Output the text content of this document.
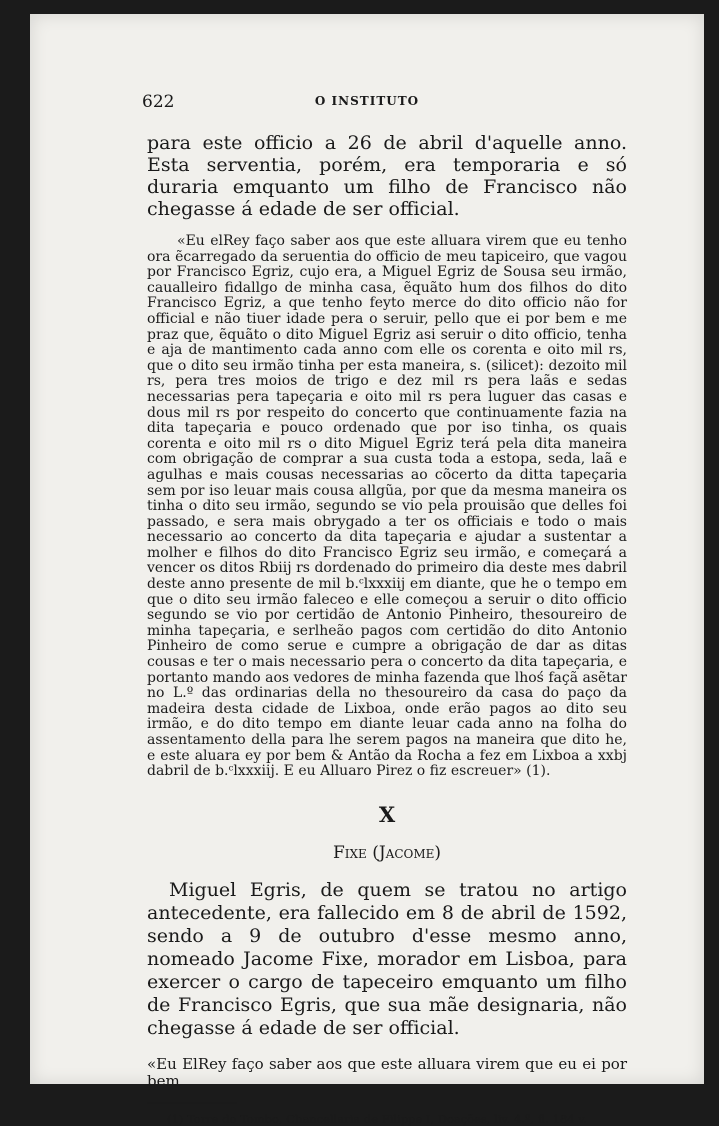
622	O INSTITUTO

para este officio a 26 de abril d'aquelle anno. Esta serventia, porém, era temporaria e só duraria emquanto um filho de Francisco não chegasse á edade de ser official.

«Eu elRey faço saber aos que este alluara virem que eu tenho ora ẽcarregado da seruentia do officio de meu tapiceiro, que vagou por Francisco Egriz, cujo era, a Miguel Egriz de Sousa seu irmão, caualleiro fidallgo de minha casa, ẽquãto hum dos filhos do dito Francisco Egriz, a que tenho feyto merce do dito officio não for official e não tiuer idade pera o seruir, pello que ei por bem e me praz que, ẽquãto o dito Miguel Egriz asi seruir o dito officio, tenha e aja de mantimento cada anno com elle os corenta e oito mil rs, que o dito seu irmão tinha per esta maneira, s. (silicet): dezoito mil rs, pera tres moios de trigo e dez mil rs pera laãs e sedas necessarias pera tapeçaria e oito mil rs pera luguer das casas e dous mil rs por respeito do concerto que continuamente fazia na dita tapeçaria e pouco ordenado que por iso tinha, os quais corenta e oito mil rs o dito Miguel Egriz terá pela dita maneira com obrigação de comprar a sua custa toda a estopa, seda, laã e agulhas e mais cousas necessarias ao cõcerto da ditta tapeçaria sem por iso leuar mais cousa allgũa, por que da mesma maneira os tinha o dito seu irmão, segundo se vio pela prouisão que delles foi passado, e sera mais obrygado a ter os officiais e todo o mais necessario ao concerto da dita tapeçaria e ajudar a sustentar a molher e filhos do dito Francisco Egriz seu irmão, e começará a vencer os ditos Rbiij rs dordenado do primeiro dia deste mes dabril deste anno presente de mil b.ᶜlxxxiij em diante, que he o tempo em que o dito seu irmão faleceo e elle começou a seruir o dito officio segundo se vio por certidão de Antonio Pinheiro, thesoureiro de minha tapeçaria, e serlheão pagos com certidão do dito Antonio Pinheiro de como serue e cumpre a obrigação de dar as ditas cousas e ter o mais necessario pera o concerto da dita tapeçaria, e portanto mando aos vedores de minha fazenda que lhoś façã asẽtar no L.º das ordinarias della no thesoureiro da casa do paço da madeira desta cidade de Lixboa, onde erão pagos ao dito seu irmão, e do dito tempo em diante leuar cada anno na folha do assentamento della para lhe serem pagos na maneira que dito he, e este aluara ey por bem & Antão da Rocha a fez em Lixboa a xxbj dabril de b.ᶜlxxxiij. E eu Alluaro Pirez o fiz escreuer» (1).

X
Fixe (Jacome)

Miguel Egris, de quem se tratou no artigo antecedente, era fallecido em 8 de abril de 1592, sendo a 9 de outubro d'esse mesmo anno, nomeado Jacome Fixe, morador em Lisboa, para exercer o cargo de tapeceiro emquanto um filho de Francisco Egris, que sua mãe designaria, não chegasse á edade de ser official.

«Eu ElRey faço saber aos que este alluara virem que eu ei por bem

(1) Torre do Tombo, Chancellaria de Filippe I, Doações, liv. 4.º, fl. 184 v.
